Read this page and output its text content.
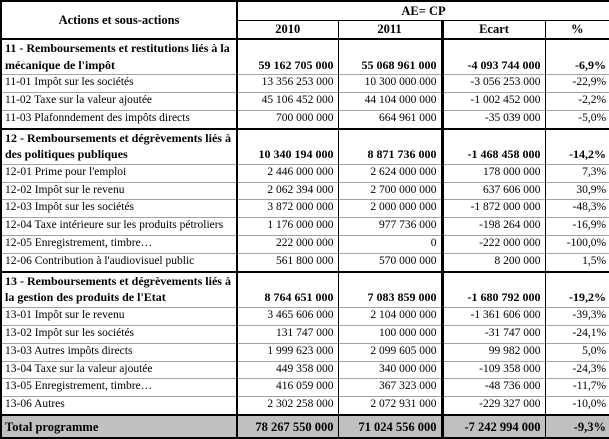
Actions et sous-actions	AE= CP			
	2010	2011	Ecart	%
11 - Remboursements et restitutions liés à la mécanique de l'impôt	59 162 705 000	55 068 961 000	-4 093 744 000	-6,9%
11-01 Impôt sur les sociétés	13 356 253 000	10 300 000 000	-3 056 253 000	-22,9%
11-02 Taxe sur la valeur ajoutée	45 106 452 000	44 104 000 000	-1 002 452 000	-2,2%
11-03 Plafonndement des impôts directs	700 000 000	664 961 000	-35 039 000	-5,0%
12 - Remboursements et dégrèvements liés à des politiques publiques	10 340 194 000	8 871 736 000	-1 468 458 000	-14,2%
12-01 Prime pour l'emploi	2 446 000 000	2 624 000 000	178 000 000	7,3%
12-02 Impôt sur le revenu	2 062 394 000	2 700 000 000	637 606 000	30,9%
12-03 Impôt sur les sociétés	3 872 000 000	2 000 000 000	-1 872 000 000	-48,3%
12-04 Taxe intérieure sur les produits pétroliers	1 176 000 000	977 736 000	-198 264 000	-16,9%
12-05 Enregistrement, timbre…	222 000 000	0	-222 000 000	-100,0%
12-06 Contribution à l'audiovisuel public	561 800 000	570 000 000	8 200 000	1,5%
13 - Remboursements et dégrèvements liés à la gestion des produits de l'Etat	8 764 651 000	7 083 859 000	-1 680 792 000	-19,2%
13-01 Impôt sur le revenu	3 465 606 000	2 104 000 000	-1 361 606 000	-39,3%
13-02 Impôt sur les sociétés	131 747 000	100 000 000	-31 747 000	-24,1%
13-03 Autres impôts directs	1 999 623 000	2 099 605 000	99 982 000	5,0%
13-04 Taxe sur la valeur ajoutée	449 358 000	340 000 000	-109 358 000	-24,3%
13-05 Enregistrement, timbre…	416 059 000	367 323 000	-48 736 000	-11,7%
13-06 Autres	2 302 258 000	2 072 931 000	-229 327 000	-10,0%
Total programme	78 267 550 000	71 024 556 000	-7 242 994 000	-9,3%
